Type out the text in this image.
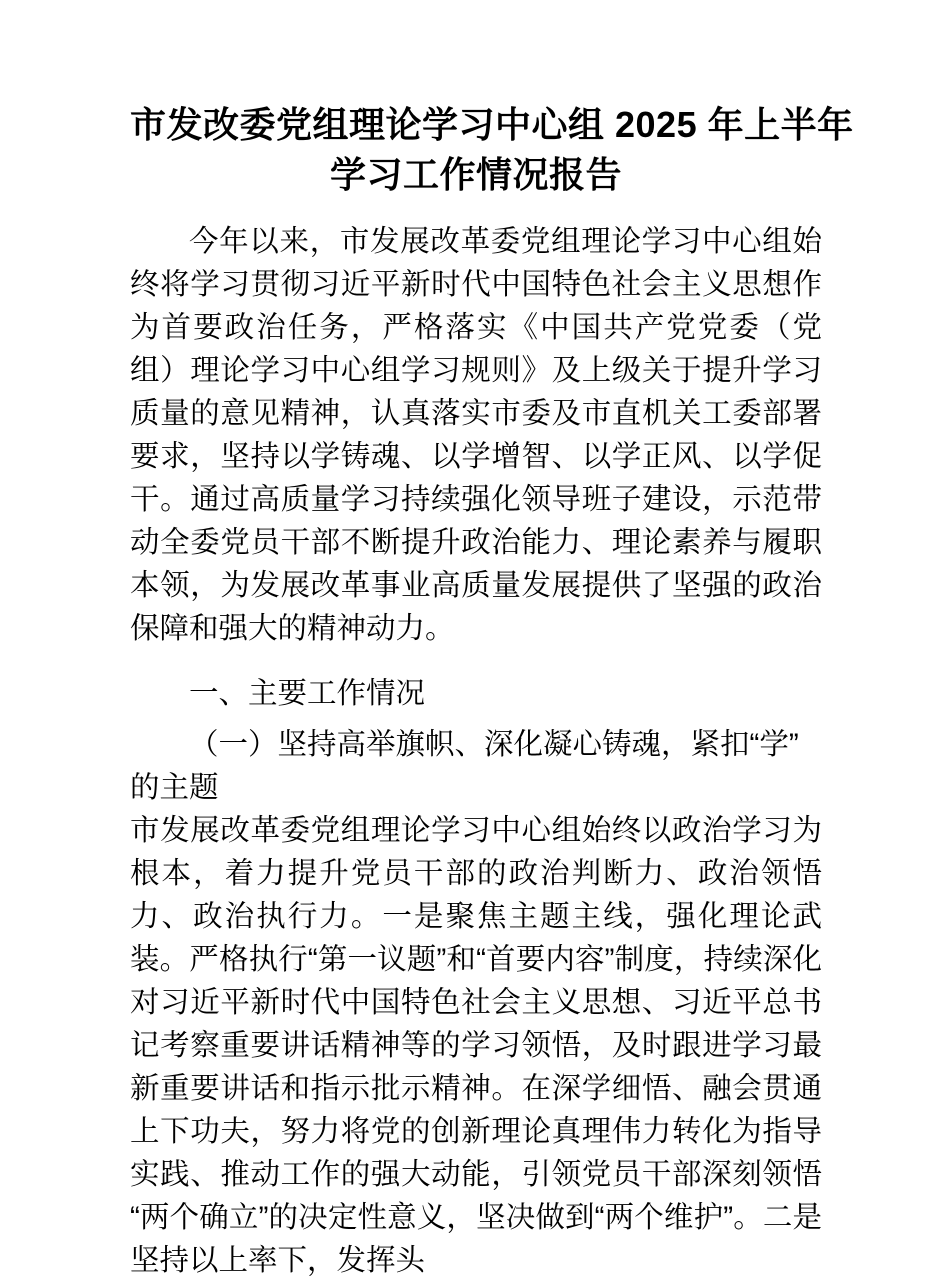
市发改委党组理论学习中心组 2025 年上半年
学习工作情况报告

今年以来，市发展改革委党组理论学习中心组始终将学习贯彻习近平新时代中国特色社会主义思想作为首要政治任务，严格落实《中国共产党党委（党组）理论学习中心组学习规则》及上级关于提升学习质量的意见精神，认真落实市委及市直机关工委部署要求，坚持以学铸魂、以学增智、以学正风、以学促干。通过高质量学习持续强化领导班子建设，示范带动全委党员干部不断提升政治能力、理论素养与履职本领，为发展改革事业高质量发展提供了坚强的政治保障和强大的精神动力。

一、主要工作情况
（一）坚持高举旗帜、深化凝心铸魂，紧扣“学”的主题

市发展改革委党组理论学习中心组始终以政治学习为根本，着力提升党员干部的政治判断力、政治领悟力、政治执行力。一是聚焦主题主线，强化理论武装。严格执行“第一议题”和“首要内容”制度，持续深化对习近平新时代中国特色社会主义思想、习近平总书记考察重要讲话精神等的学习领悟，及时跟进学习最新重要讲话和指示批示精神。在深学细悟、融会贯通上下功夫，努力将党的创新理论真理伟力转化为指导实践、推动工作的强大动能，引领党员干部深刻领悟“两个确立”的决定性意义，坚决做到“两个维护”。二是坚持以上率下，发挥头
